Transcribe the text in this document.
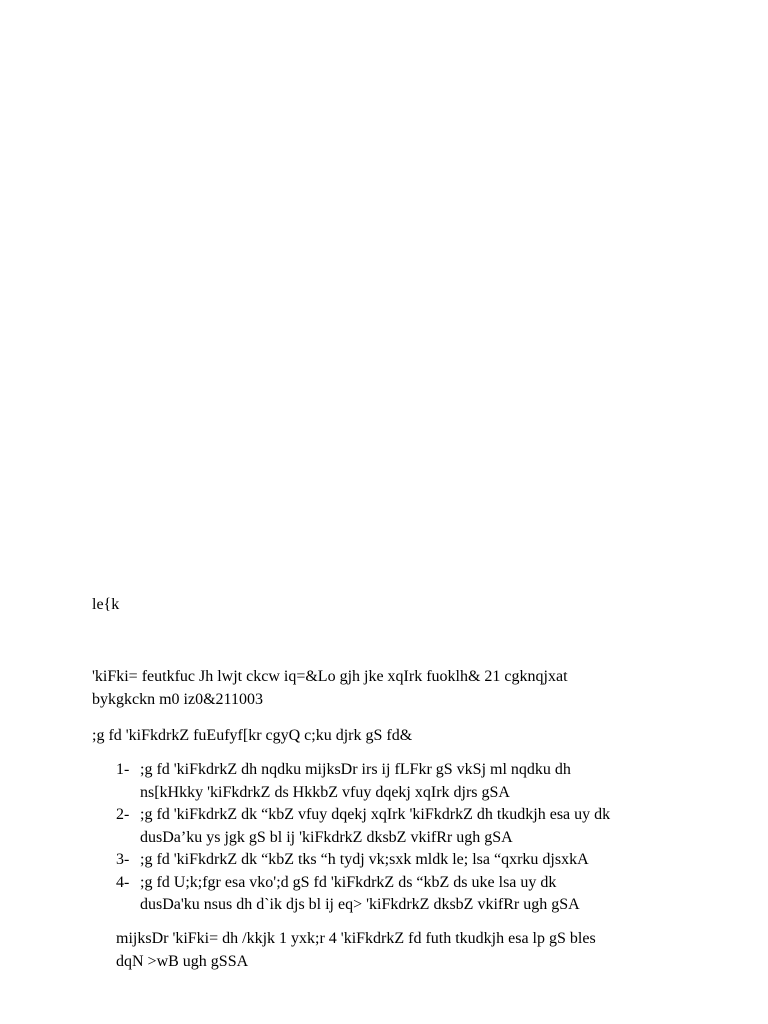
le{k

'kiFki= feutkfuc Jh lwjt ckcw iq=&Lo gjh jke xqIrk fuoklh& 21 cgknqjxat
bykgkckn m0 iz0&211003

;g fd 'kiFkdrkZ fuEufyf[kr cgyQ c;ku djrk gS fd&

1- ;g fd 'kiFkdrkZ dh nqdku mijksDr irs ij fLFkr gS vkSj ml nqdku dh
ns[kHkky 'kiFkdrkZ ds HkkbZ vfuy dqekj xqIrk djrs gSA
2- ;g fd 'kiFkdrkZ dk “kbZ vfuy dqekj xqIrk 'kiFkdrkZ dh tkudkjh esa uy dk
dusDa’ku ys jgk gS bl ij 'kiFkdrkZ dksbZ vkifRr ugh gSA
3- ;g fd 'kiFkdrkZ dk “kbZ tks “h tydj vk;sxk mldk le; lsa “qxrku djsxkA
4- ;g fd U;k;fgr esa vko';d gS fd 'kiFkdrkZ ds “kbZ ds uke lsa uy dk
dusDa'ku nsus dh d`ik djs bl ij eq> 'kiFkdrkZ dksbZ vkifRr ugh gSA

mijksDr 'kiFki= dh /kkjk 1 yxk;r 4 'kiFkdrkZ fd futh tkudkjh esa lp gS bles
dqN >wB ugh gSSA
